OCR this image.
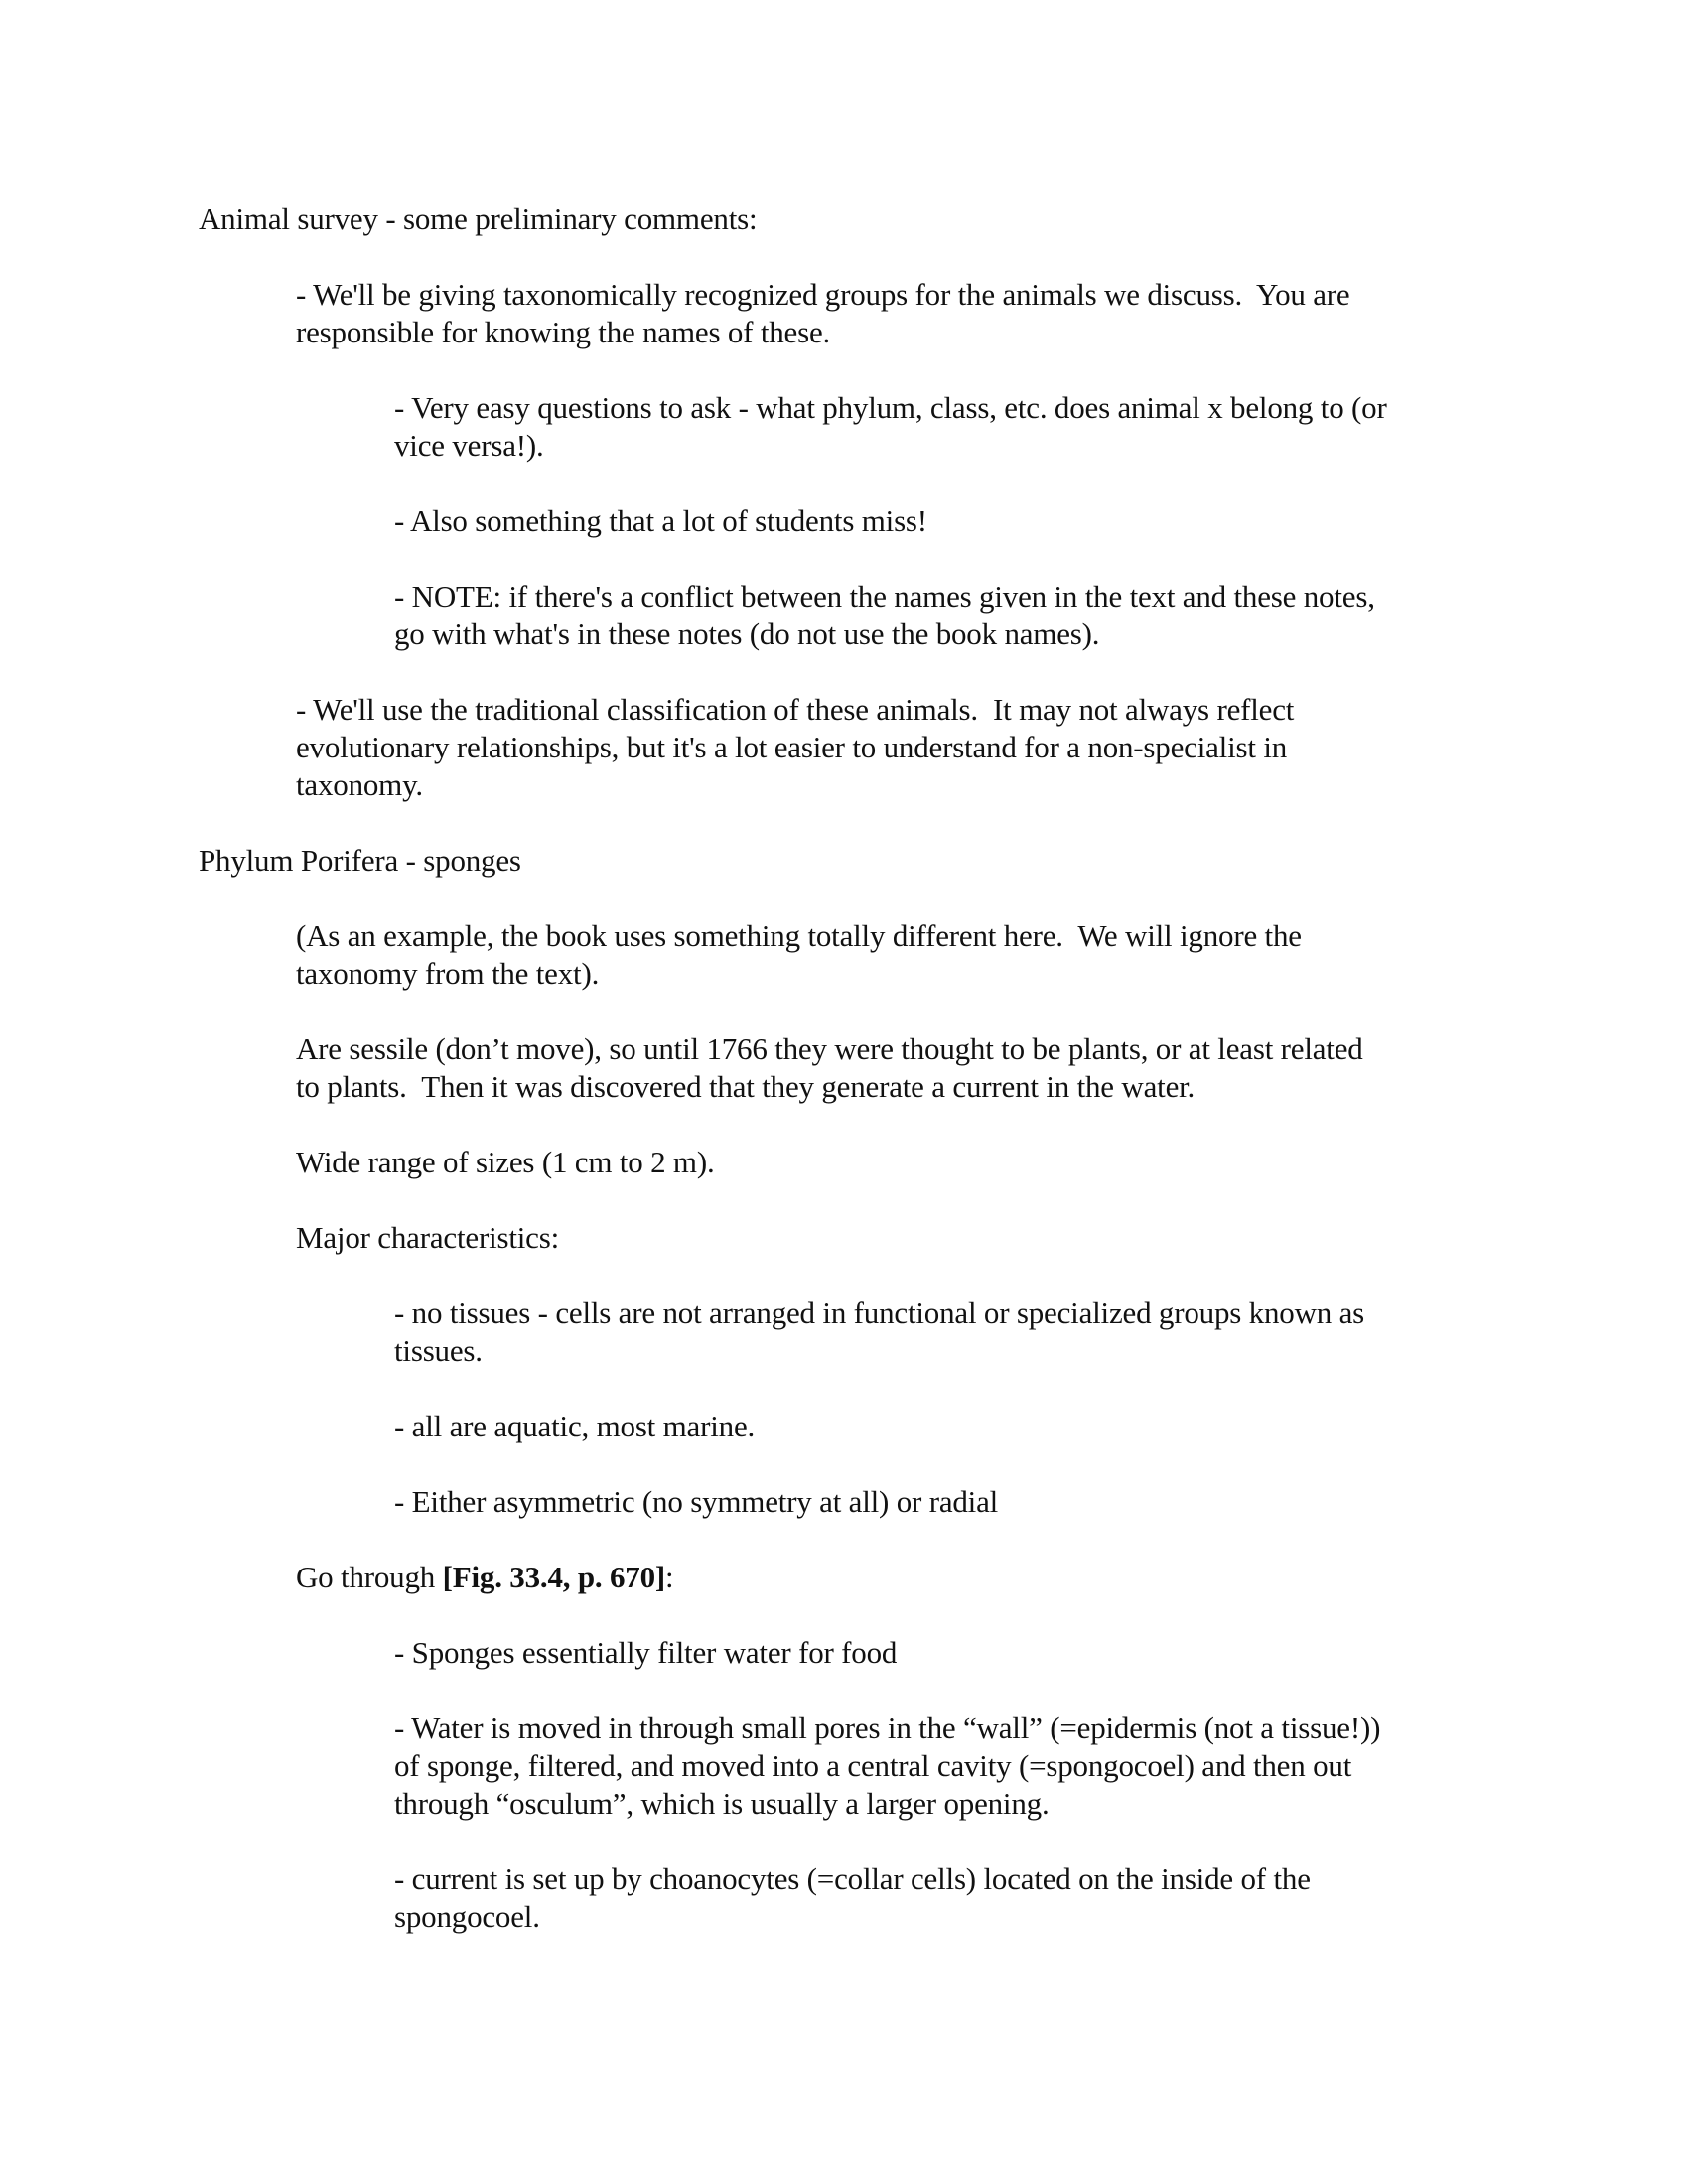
Animal survey - some preliminary comments:
- We'll be giving taxonomically recognized groups for the animals we discuss.  You are
responsible for knowing the names of these.
- Very easy questions to ask - what phylum, class, etc. does animal x belong to (or
vice versa!).
- Also something that a lot of students miss!
- NOTE: if there's a conflict between the names given in the text and these notes,
go with what's in these notes (do not use the book names).
- We'll use the traditional classification of these animals.  It may not always reflect
evolutionary relationships, but it's a lot easier to understand for a non-specialist in
taxonomy.
Phylum Porifera - sponges
(As an example, the book uses something totally different here.  We will ignore the
taxonomy from the text).
Are sessile (don’t move), so until 1766 they were thought to be plants, or at least related
to plants.  Then it was discovered that they generate a current in the water.
Wide range of sizes (1 cm to 2 m).
Major characteristics:
- no tissues - cells are not arranged in functional or specialized groups known as
tissues.
- all are aquatic, most marine.
- Either asymmetric (no symmetry at all) or radial
Go through [Fig. 33.4, p. 670]:
- Sponges essentially filter water for food
- Water is moved in through small pores in the “wall” (=epidermis (not a tissue!))
of sponge, filtered, and moved into a central cavity (=spongocoel) and then out
through “osculum”, which is usually a larger opening.
- current is set up by choanocytes (=collar cells) located on the inside of the
spongocoel.
